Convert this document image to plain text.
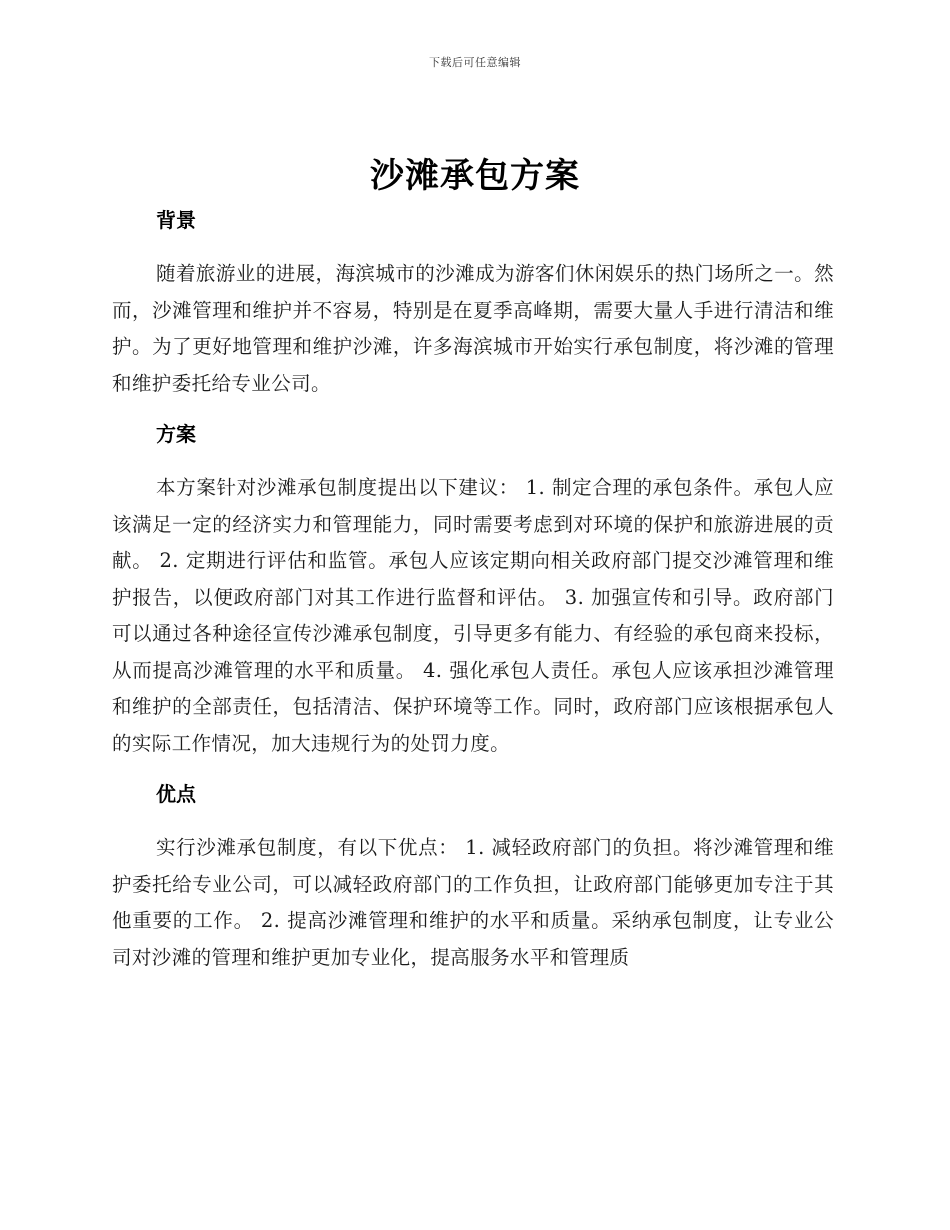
下载后可任意编辑
沙滩承包方案
背景

随着旅游业的进展，海滨城市的沙滩成为游客们休闲娱乐的热门场所之一。然而，沙滩管理和维护并不容易，特别是在夏季高峰期，需要大量人手进行清洁和维护。为了更好地管理和维护沙滩，许多海滨城市开始实行承包制度，将沙滩的管理和维护委托给专业公司。

方案

本方案针对沙滩承包制度提出以下建议： 1. 制定合理的承包条件。承包人应该满足一定的经济实力和管理能力，同时需要考虑到对环境的保护和旅游进展的贡献。 2. 定期进行评估和监管。承包人应该定期向相关政府部门提交沙滩管理和维护报告，以便政府部门对其工作进行监督和评估。 3. 加强宣传和引导。政府部门可以通过各种途径宣传沙滩承包制度，引导更多有能力、有经验的承包商来投标，从而提高沙滩管理的水平和质量。 4. 强化承包人责任。承包人应该承担沙滩管理和维护的全部责任，包括清洁、保护环境等工作。同时，政府部门应该根据承包人的实际工作情况，加大违规行为的处罚力度。

优点

实行沙滩承包制度，有以下优点： 1. 减轻政府部门的负担。将沙滩管理和维护委托给专业公司，可以减轻政府部门的工作负担，让政府部门能够更加专注于其他重要的工作。 2. 提高沙滩管理和维护的水平和质量。采纳承包制度，让专业公司对沙滩的管理和维护更加专业化，提高服务水平和管理质
